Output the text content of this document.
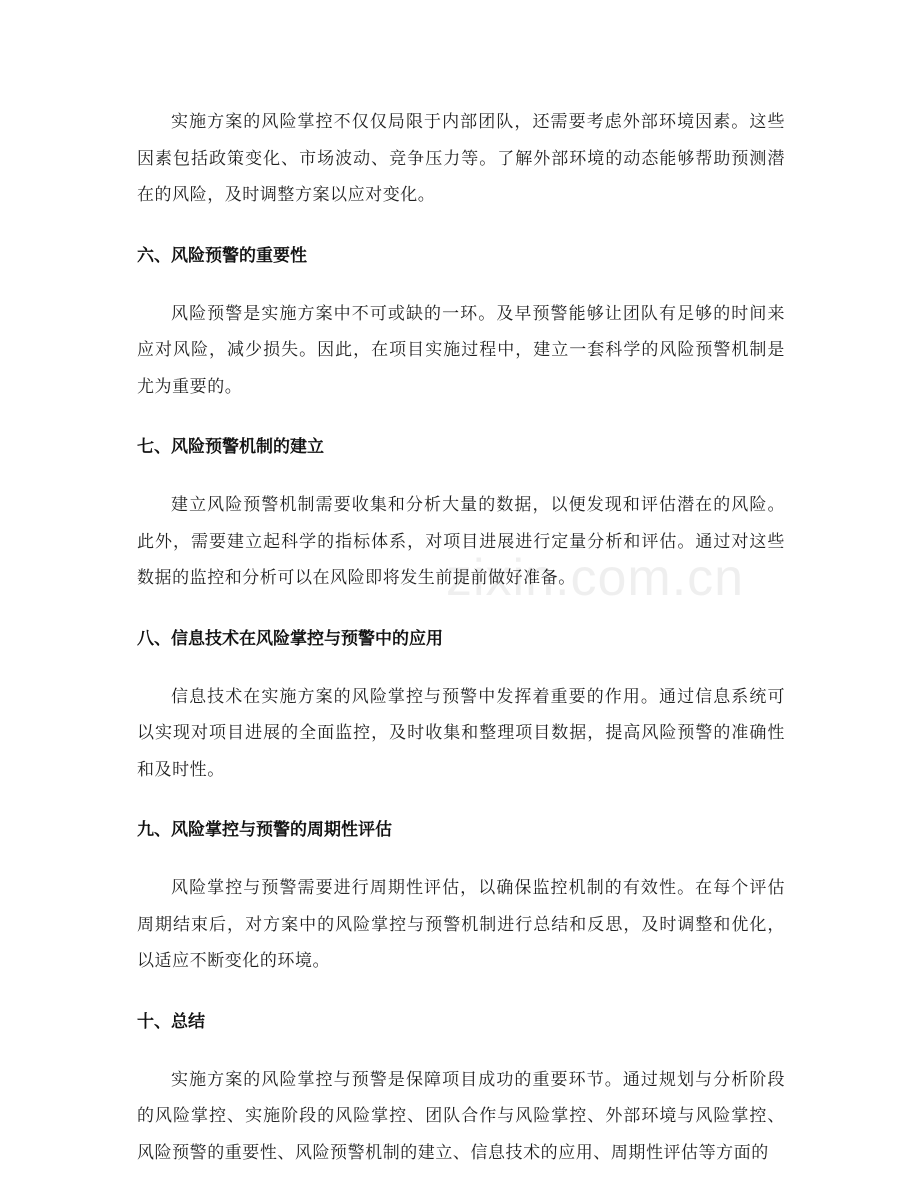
实施方案的风险掌控不仅仅局限于内部团队，还需要考虑外部环境因素。这些因素包括政策变化、市场波动、竞争压力等。了解外部环境的动态能够帮助预测潜在的风险，及时调整方案以应对变化。

六、风险预警的重要性

风险预警是实施方案中不可或缺的一环。及早预警能够让团队有足够的时间来应对风险，减少损失。因此，在项目实施过程中，建立一套科学的风险预警机制是尤为重要的。

七、风险预警机制的建立

建立风险预警机制需要收集和分析大量的数据，以便发现和评估潜在的风险。此外，需要建立起科学的指标体系，对项目进展进行定量分析和评估。通过对这些数据的监控和分析可以在风险即将发生前提前做好准备。

八、信息技术在风险掌控与预警中的应用

信息技术在实施方案的风险掌控与预警中发挥着重要的作用。通过信息系统可以实现对项目进展的全面监控，及时收集和整理项目数据，提高风险预警的准确性和及时性。

九、风险掌控与预警的周期性评估

风险掌控与预警需要进行周期性评估，以确保监控机制的有效性。在每个评估周期结束后，对方案中的风险掌控与预警机制进行总结和反思，及时调整和优化，以适应不断变化的环境。

十、总结

实施方案的风险掌控与预警是保障项目成功的重要环节。通过规划与分析阶段的风险掌控、实施阶段的风险掌控、团队合作与风险掌控、外部环境与风险掌控、风险预警的重要性、风险预警机制的建立、信息技术的应用、周期性评估等方面的

zixin.com.cn
